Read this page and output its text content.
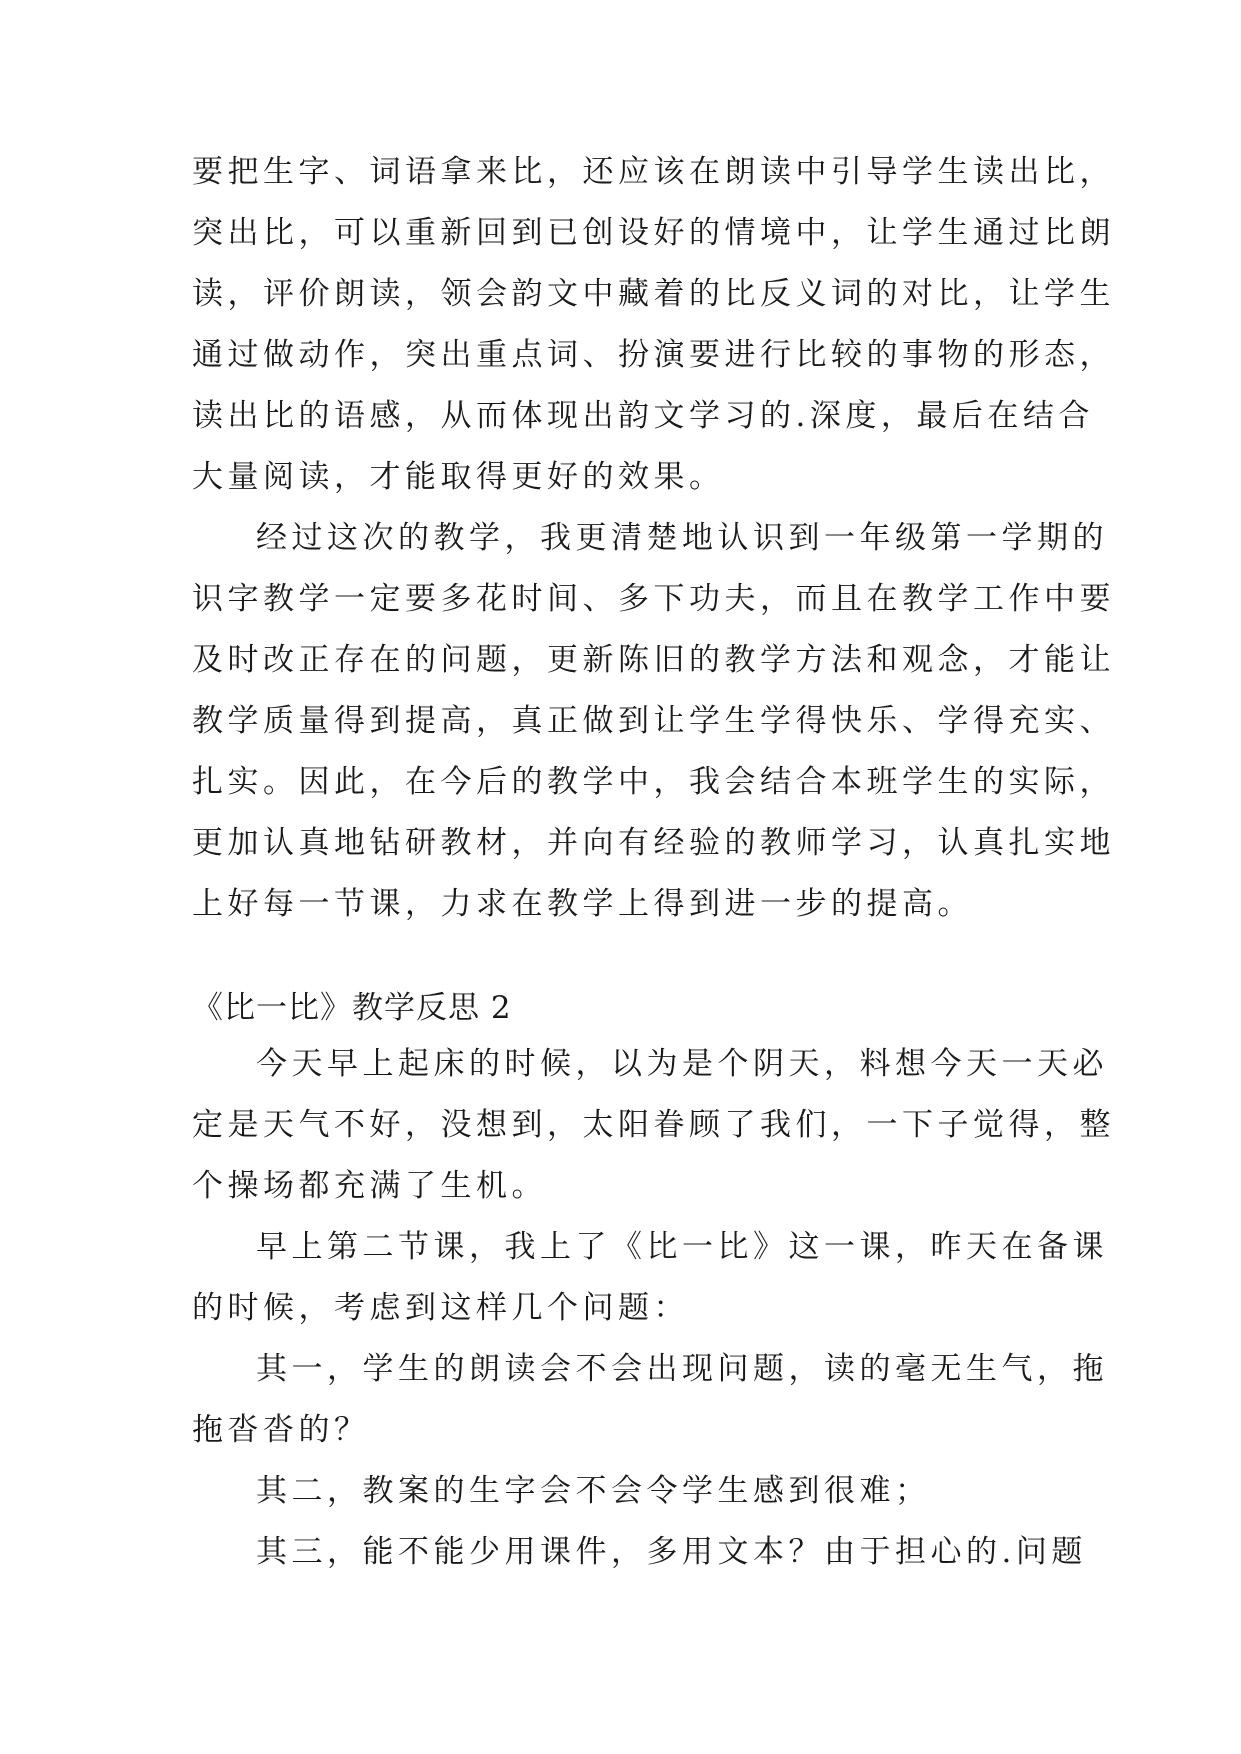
要把生字、词语拿来比，还应该在朗读中引导学生读出比，
突出比，可以重新回到已创设好的情境中，让学生通过比朗
读，评价朗读，领会韵文中藏着的比反义词的对比，让学生
通过做动作，突出重点词、扮演要进行比较的事物的形态，
读出比的语感，从而体现出韵文学习的.深度，最后在结合
大量阅读，才能取得更好的效果。
经过这次的教学，我更清楚地认识到一年级第一学期的
识字教学一定要多花时间、多下功夫，而且在教学工作中要
及时改正存在的问题，更新陈旧的教学方法和观念，才能让
教学质量得到提高，真正做到让学生学得快乐、学得充实、
扎实。因此，在今后的教学中，我会结合本班学生的实际，
更加认真地钻研教材，并向有经验的教师学习，认真扎实地
上好每一节课，力求在教学上得到进一步的提高。
《比一比》教学反思 2
今天早上起床的时候，以为是个阴天，料想今天一天必
定是天气不好，没想到，太阳眷顾了我们，一下子觉得，整
个操场都充满了生机。
早上第二节课，我上了《比一比》这一课，昨天在备课
的时候，考虑到这样几个问题：
其一，学生的朗读会不会出现问题，读的毫无生气，拖
拖沓沓的？
其二，教案的生字会不会令学生感到很难；
其三，能不能少用课件，多用文本？由于担心的.问题
